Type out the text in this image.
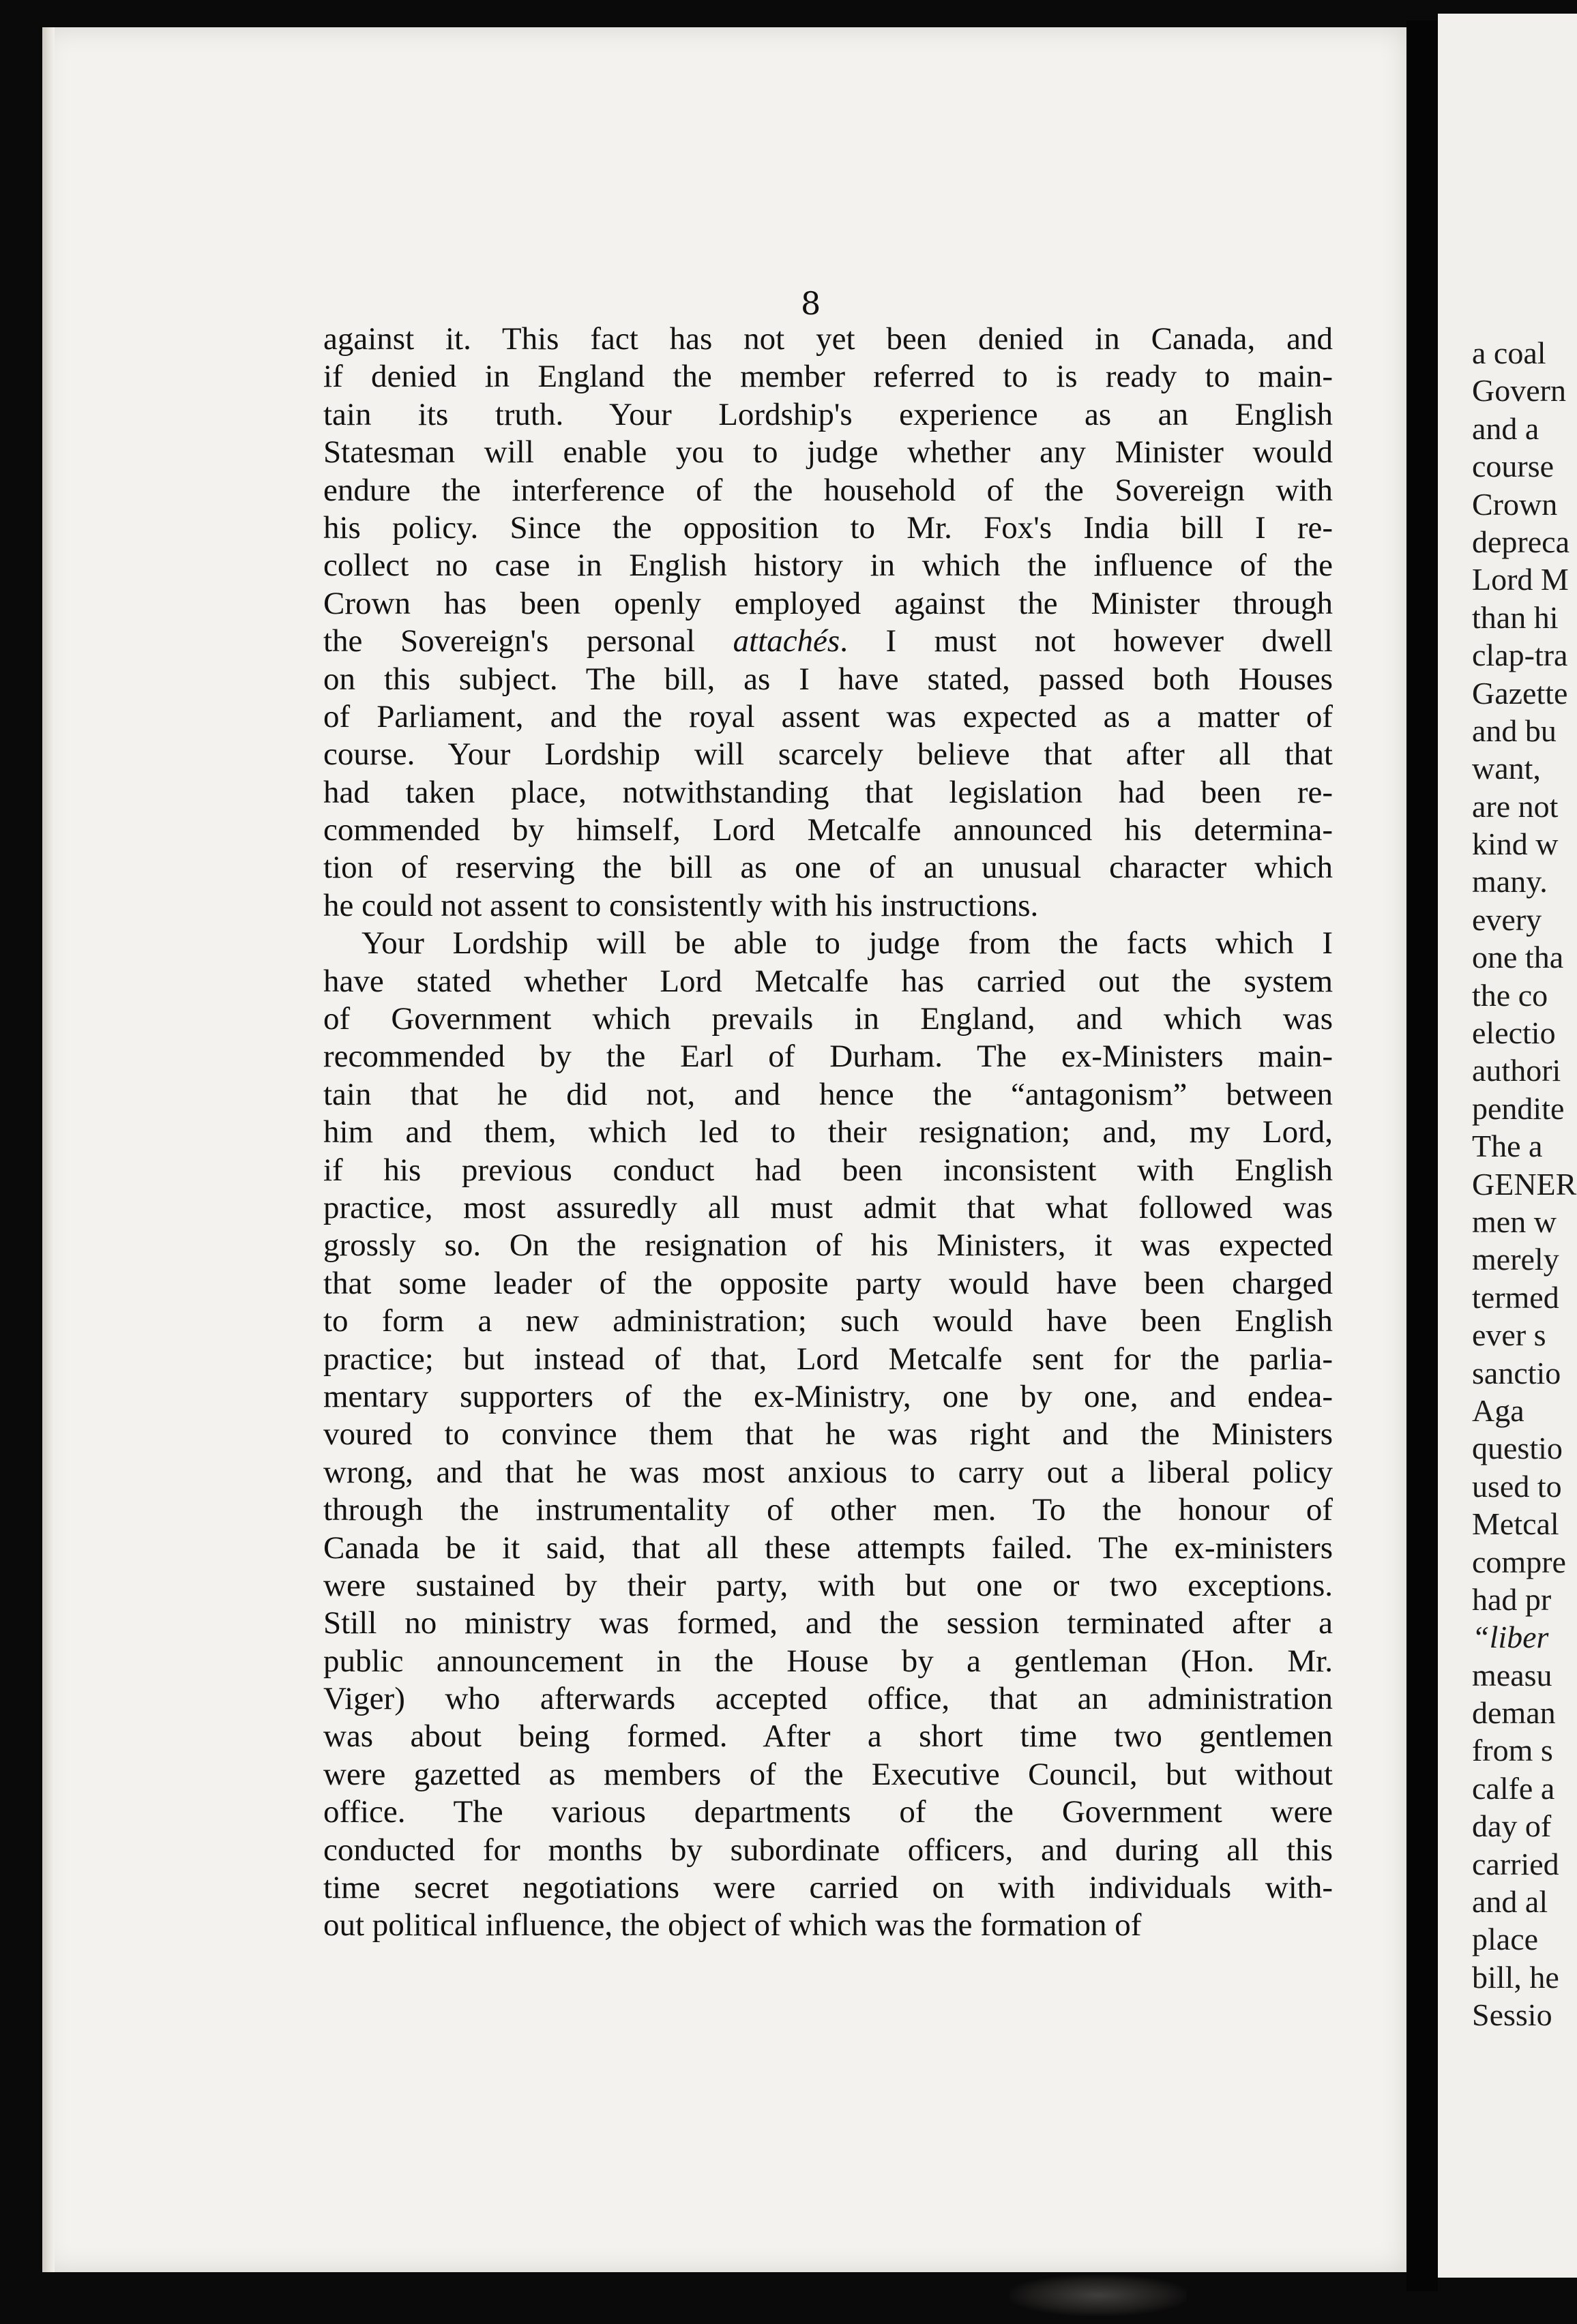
a coal
Govern
and a
course
Crown
depreca
Lord M
than hi
clap-tra
Gazette
and bu
want,
are not
kind w
many.
every
one tha
the co
electio
authori
pendite
The a
GENER
men w
merely
termed
ever s
sanctio
Aga
questio
used to
Metcal
compre
had pr
“liber
measu
deman
from s
calfe a
day of
carried
and al
place
bill, he
Sessio

8

against it. This fact has not yet been denied in Canada, and
if denied in England the member referred to is ready to main-
tain its truth. Your Lordship's experience as an English
Statesman will enable you to judge whether any Minister would
endure the interference of the household of the Sovereign with
his policy. Since the opposition to Mr. Fox's India bill I re-
collect no case in English history in which the influence of the
Crown has been openly employed against the Minister through
the Sovereign's personal attachés. I must not however dwell
on this subject. The bill, as I have stated, passed both Houses
of Parliament, and the royal assent was expected as a matter of
course. Your Lordship will scarcely believe that after all that
had taken place, notwithstanding that legislation had been re-
commended by himself, Lord Metcalfe announced his determina-
tion of reserving the bill as one of an unusual character which
he could not assent to consistently with his instructions.
Your Lordship will be able to judge from the facts which I
have stated whether Lord Metcalfe has carried out the system
of Government which prevails in England, and which was
recommended by the Earl of Durham. The ex-Ministers main-
tain that he did not, and hence the “antagonism” between
him and them, which led to their resignation; and, my Lord,
if his previous conduct had been inconsistent with English
practice, most assuredly all must admit that what followed was
grossly so. On the resignation of his Ministers, it was expected
that some leader of the opposite party would have been charged
to form a new administration; such would have been English
practice; but instead of that, Lord Metcalfe sent for the parlia-
mentary supporters of the ex-Ministry, one by one, and endea-
voured to convince them that he was right and the Ministers
wrong, and that he was most anxious to carry out a liberal policy
through the instrumentality of other men. To the honour of
Canada be it said, that all these attempts failed. The ex-ministers
were sustained by their party, with but one or two exceptions.
Still no ministry was formed, and the session terminated after a
public announcement in the House by a gentleman (Hon. Mr.
Viger) who afterwards accepted office, that an administration
was about being formed. After a short time two gentlemen
were gazetted as members of the Executive Council, but without
office. The various departments of the Government were
conducted for months by subordinate officers, and during all this
time secret negotiations were carried on with individuals with-
out political influence, the object of which was the formation of
